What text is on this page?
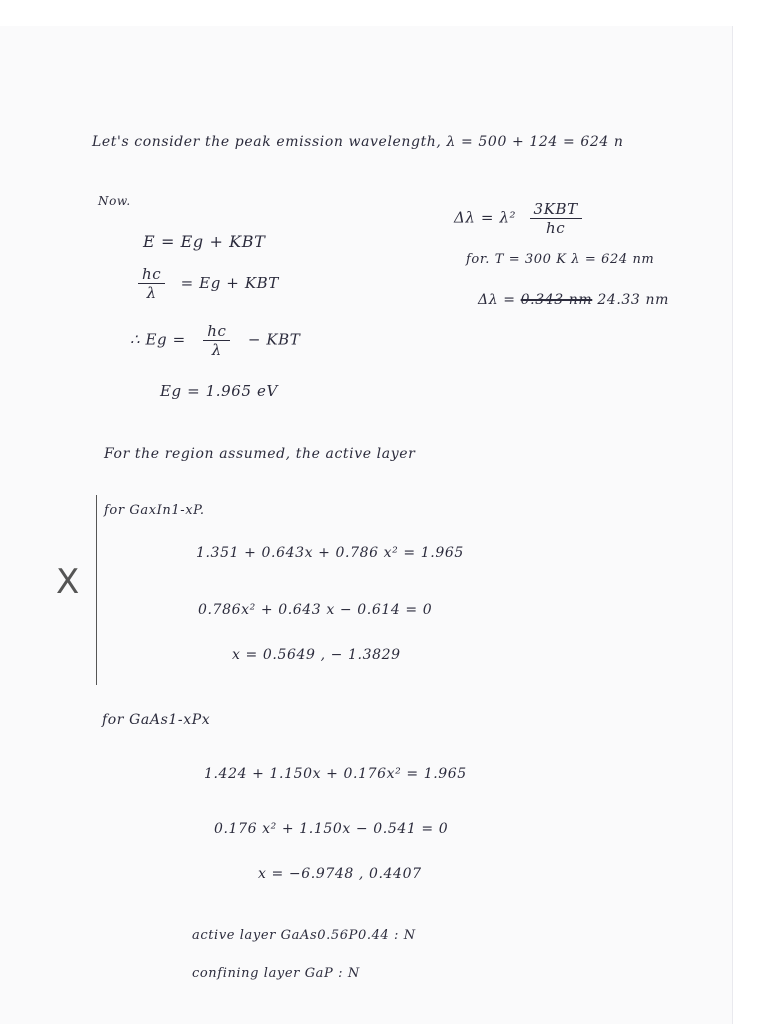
Let's consider the peak emission wavelength, λ = 500 + 124 = 624 n
Now.
E = Eg + KBT
$\frac{hc}{\lambda} = Eg$ + KBT
∴ $Eg = \frac{hc}{\lambda}$ − KBT
Eg = 1.965 eV
$\Delta\lambda = \lambda^2 \frac{\text{3KBT}}{hc}$
for. T = 300 K λ = 624 nm
Δλ = 0.343 nm 24.33 nm
For the region assumed, the active layer
X
for GaxIn1-xP.
1.351 + 0.643x + 0.786 x² = 1.965
0.786x² + 0.643 x − 0.614 = 0
x = 0.5649 , − 1.3829
for GaAs1-xPx
1.424 + 1.150x + 0.176x² = 1.965
0.176 x² + 1.150x − 0.541 = 0
x = −6.9748 , 0.4407
active layer GaAs0.56P0.44 : N
confining layer GaP : N
